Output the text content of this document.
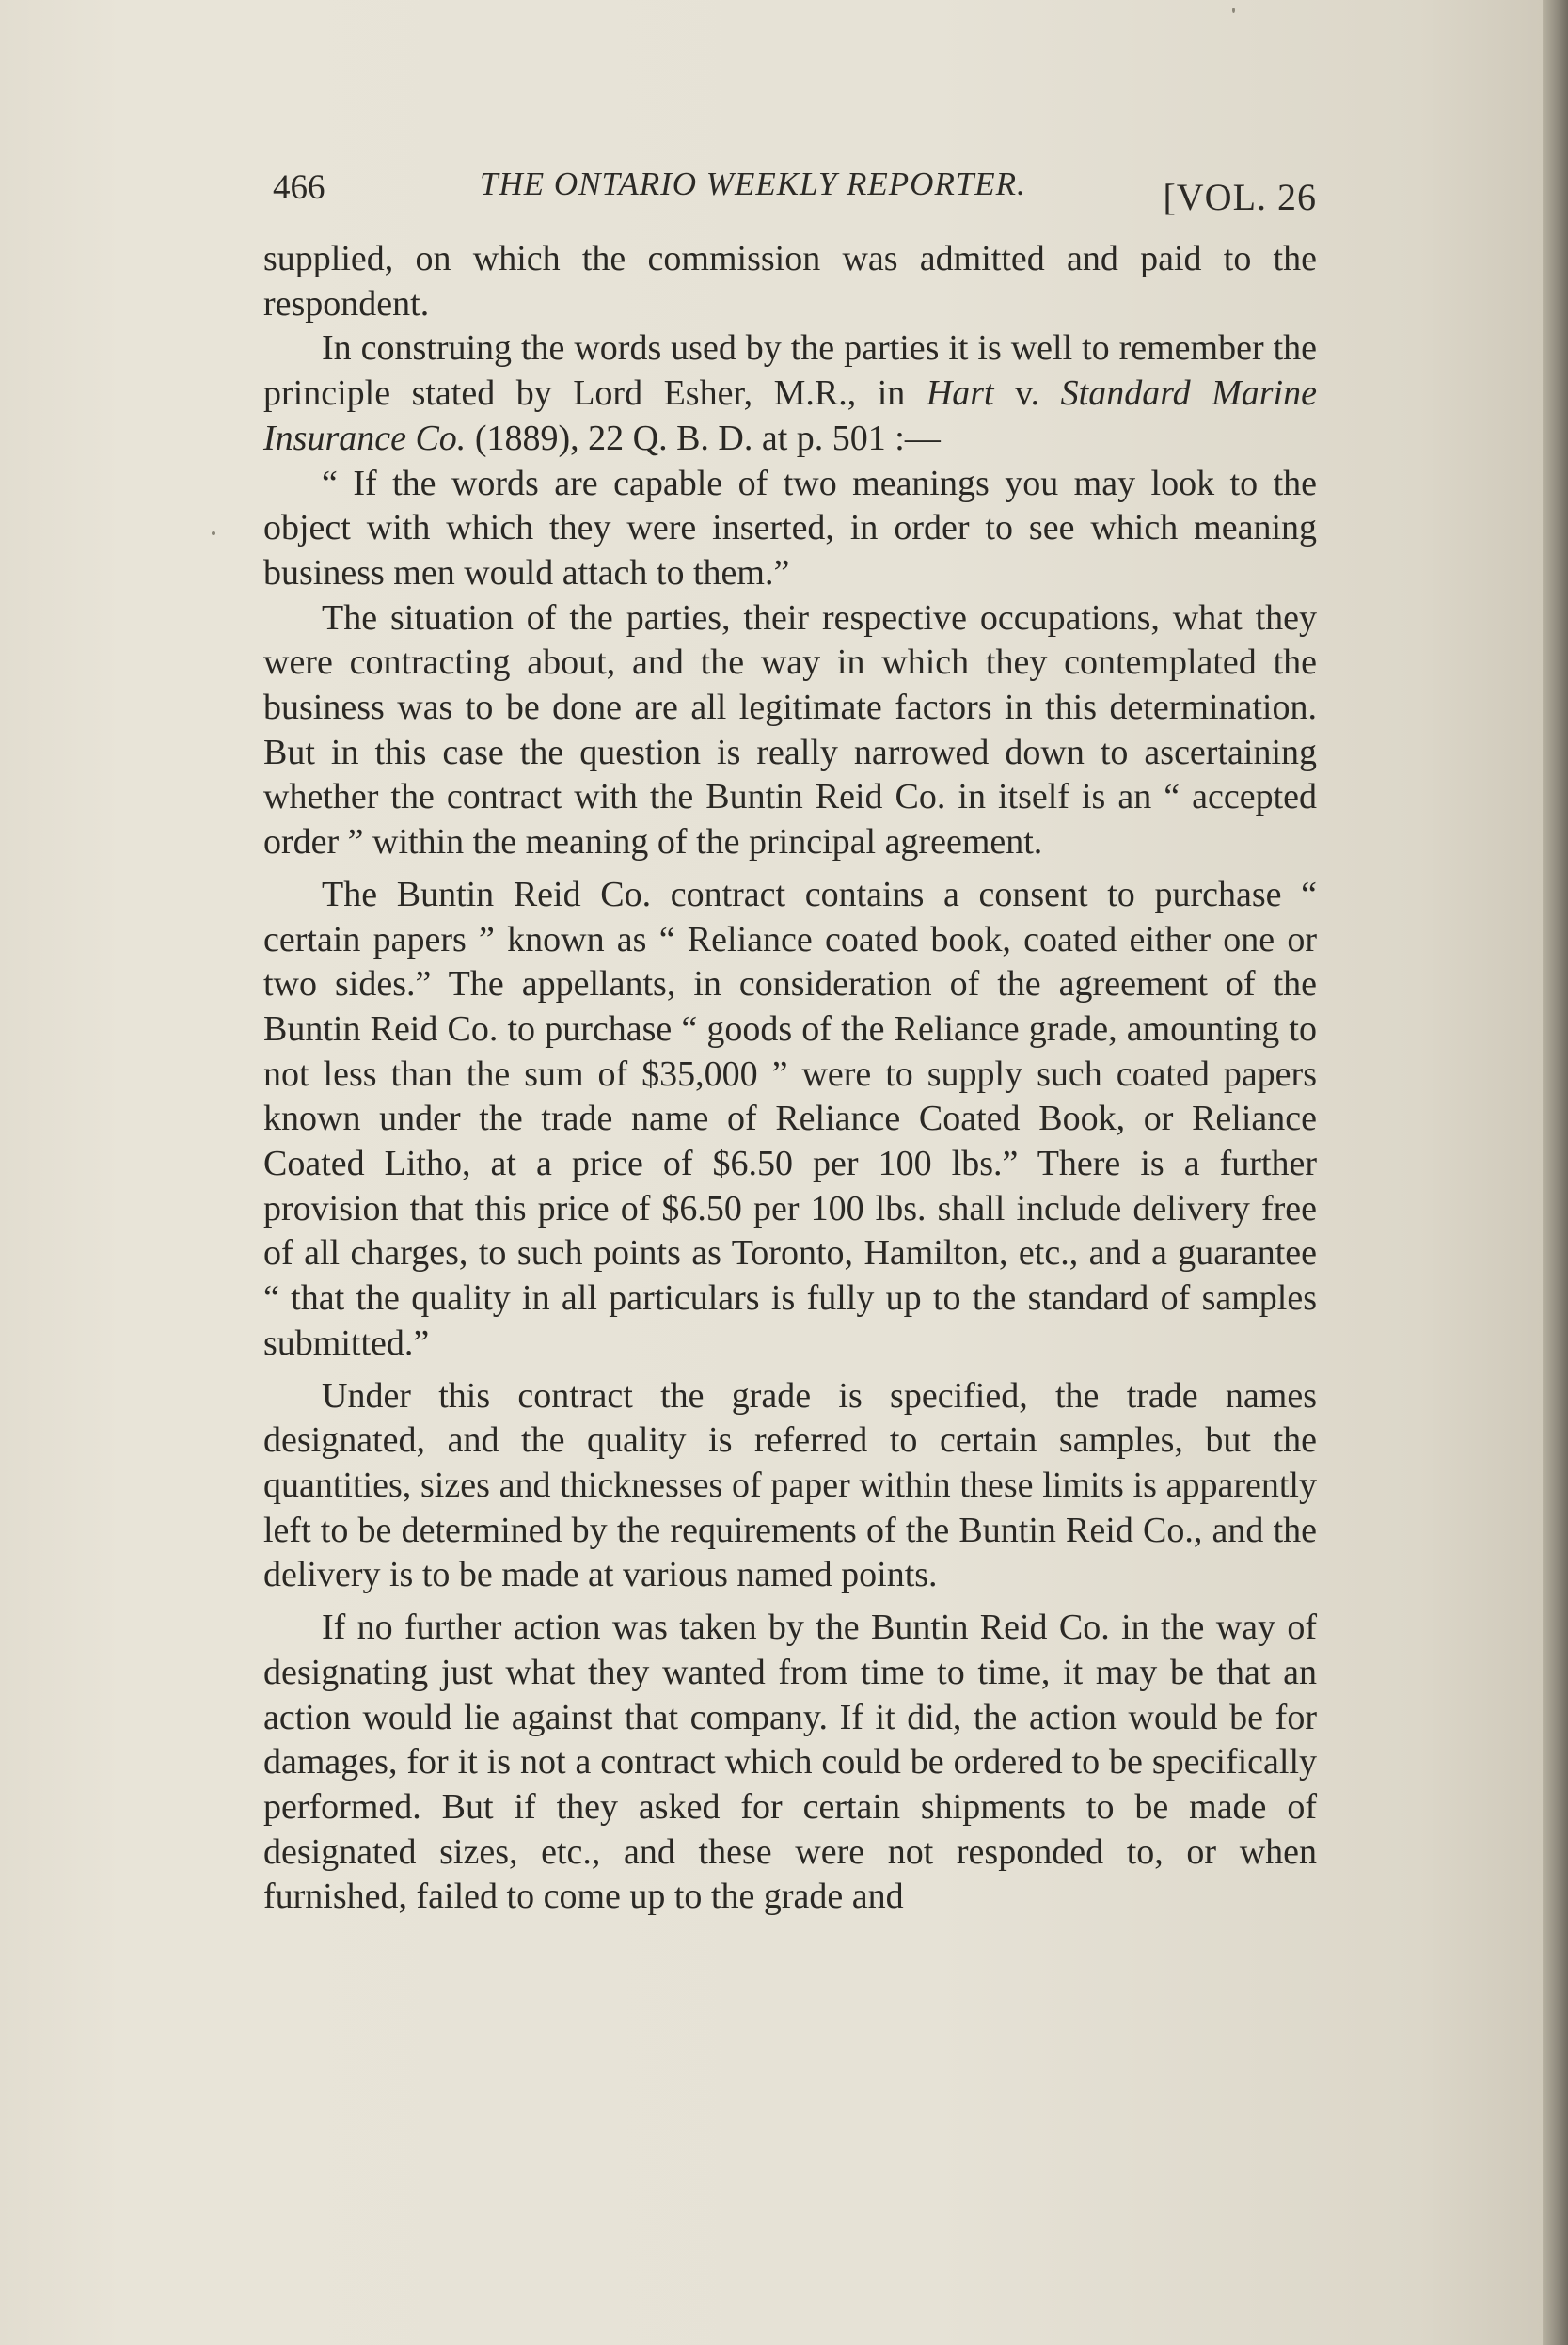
466	THE ONTARIO WEEKLY REPORTER.	[VOL. 26

supplied, on which the commission was admitted and paid to the respondent.

In construing the words used by the parties it is well to remember the principle stated by Lord Esher, M.R., in Hart v. Standard Marine Insurance Co. (1889), 22 Q. B. D. at p. 501 :—

“ If the words are capable of two meanings you may look to the object with which they were inserted, in order to see which meaning business men would attach to them.”

The situation of the parties, their respective occupations, what they were contracting about, and the way in which they contemplated the business was to be done are all legitimate factors in this determination. But in this case the question is really narrowed down to ascertaining whether the contract with the Buntin Reid Co. in itself is an “ accepted order ” within the meaning of the principal agreement.

The Buntin Reid Co. contract contains a consent to purchase “ certain papers ” known as “ Reliance coated book, coated either one or two sides.” The appellants, in consideration of the agreement of the Buntin Reid Co. to purchase “ goods of the Reliance grade, amounting to not less than the sum of $35,000 ” were to supply such coated papers known under the trade name of Reliance Coated Book, or Reliance Coated Litho, at a price of $6.50 per 100 lbs.” There is a further provision that this price of $6.50 per 100 lbs. shall include delivery free of all charges, to such points as Toronto, Hamilton, etc., and a guarantee “ that the quality in all particulars is fully up to the standard of samples submitted.”

Under this contract the grade is specified, the trade names designated, and the quality is referred to certain samples, but the quantities, sizes and thicknesses of paper within these limits is apparently left to be determined by the requirements of the Buntin Reid Co., and the delivery is to be made at various named points.

If no further action was taken by the Buntin Reid Co. in the way of designating just what they wanted from time to time, it may be that an action would lie against that company. If it did, the action would be for damages, for it is not a contract which could be ordered to be specifically performed. But if they asked for certain shipments to be made of designated sizes, etc., and these were not responded to, or when furnished, failed to come up to the grade and
